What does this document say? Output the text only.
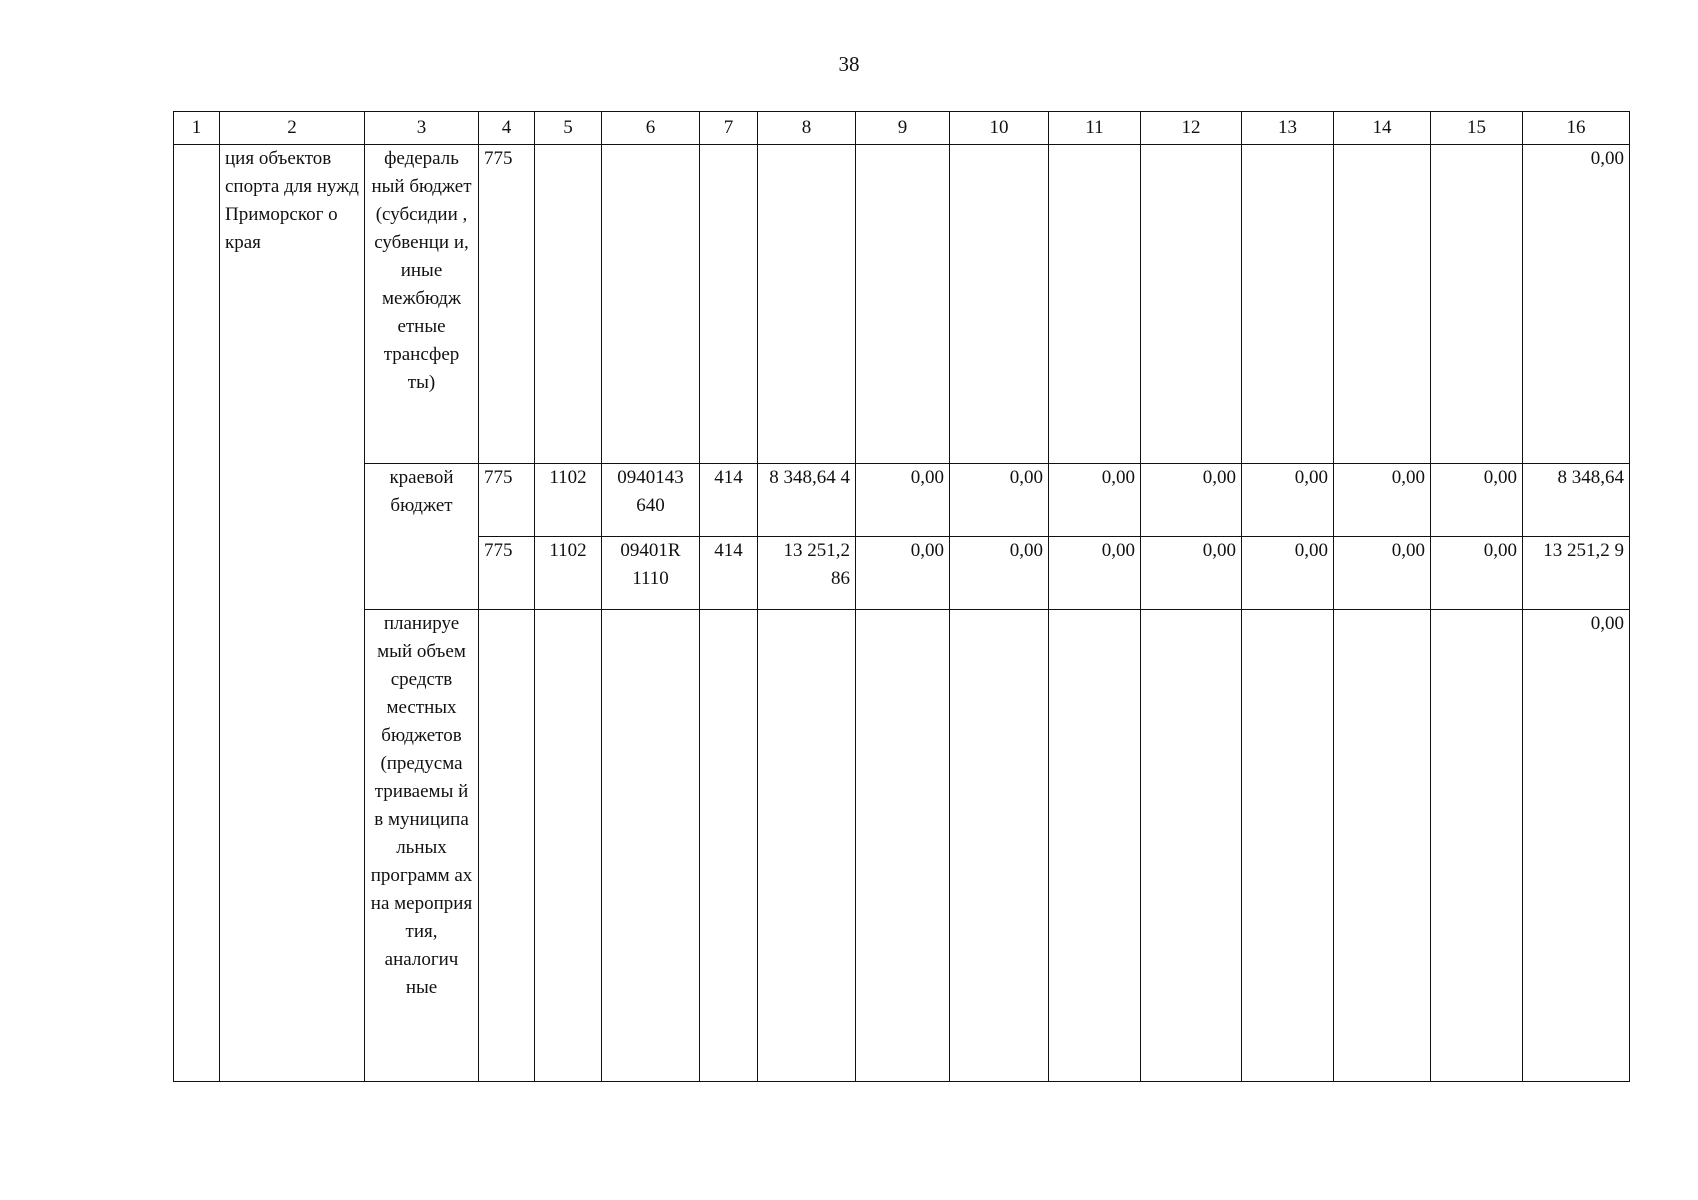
38
1	2	3	4	5	6	7	8	9	10	11	12	13	14	15	16
	ция объектов спорта для нужд Приморског о края	федераль ный бюджет (субсидии , субвенци и, иные межбюдж етные трансфер ты)	775												0,00
		краевой бюджет	775	1102	0940143 640	414	8 348,64 4	0,00	0,00	0,00	0,00	0,00	0,00	0,00	8 348,64
			775	1102	09401R 1110	414	13 251,2 86	0,00	0,00	0,00	0,00	0,00	0,00	0,00	13 251,2 9
		планируе мый объем средств местных бюджетов (предусма триваемы й в муниципа льных программ ах на мероприя тия, аналогич ные													0,00
